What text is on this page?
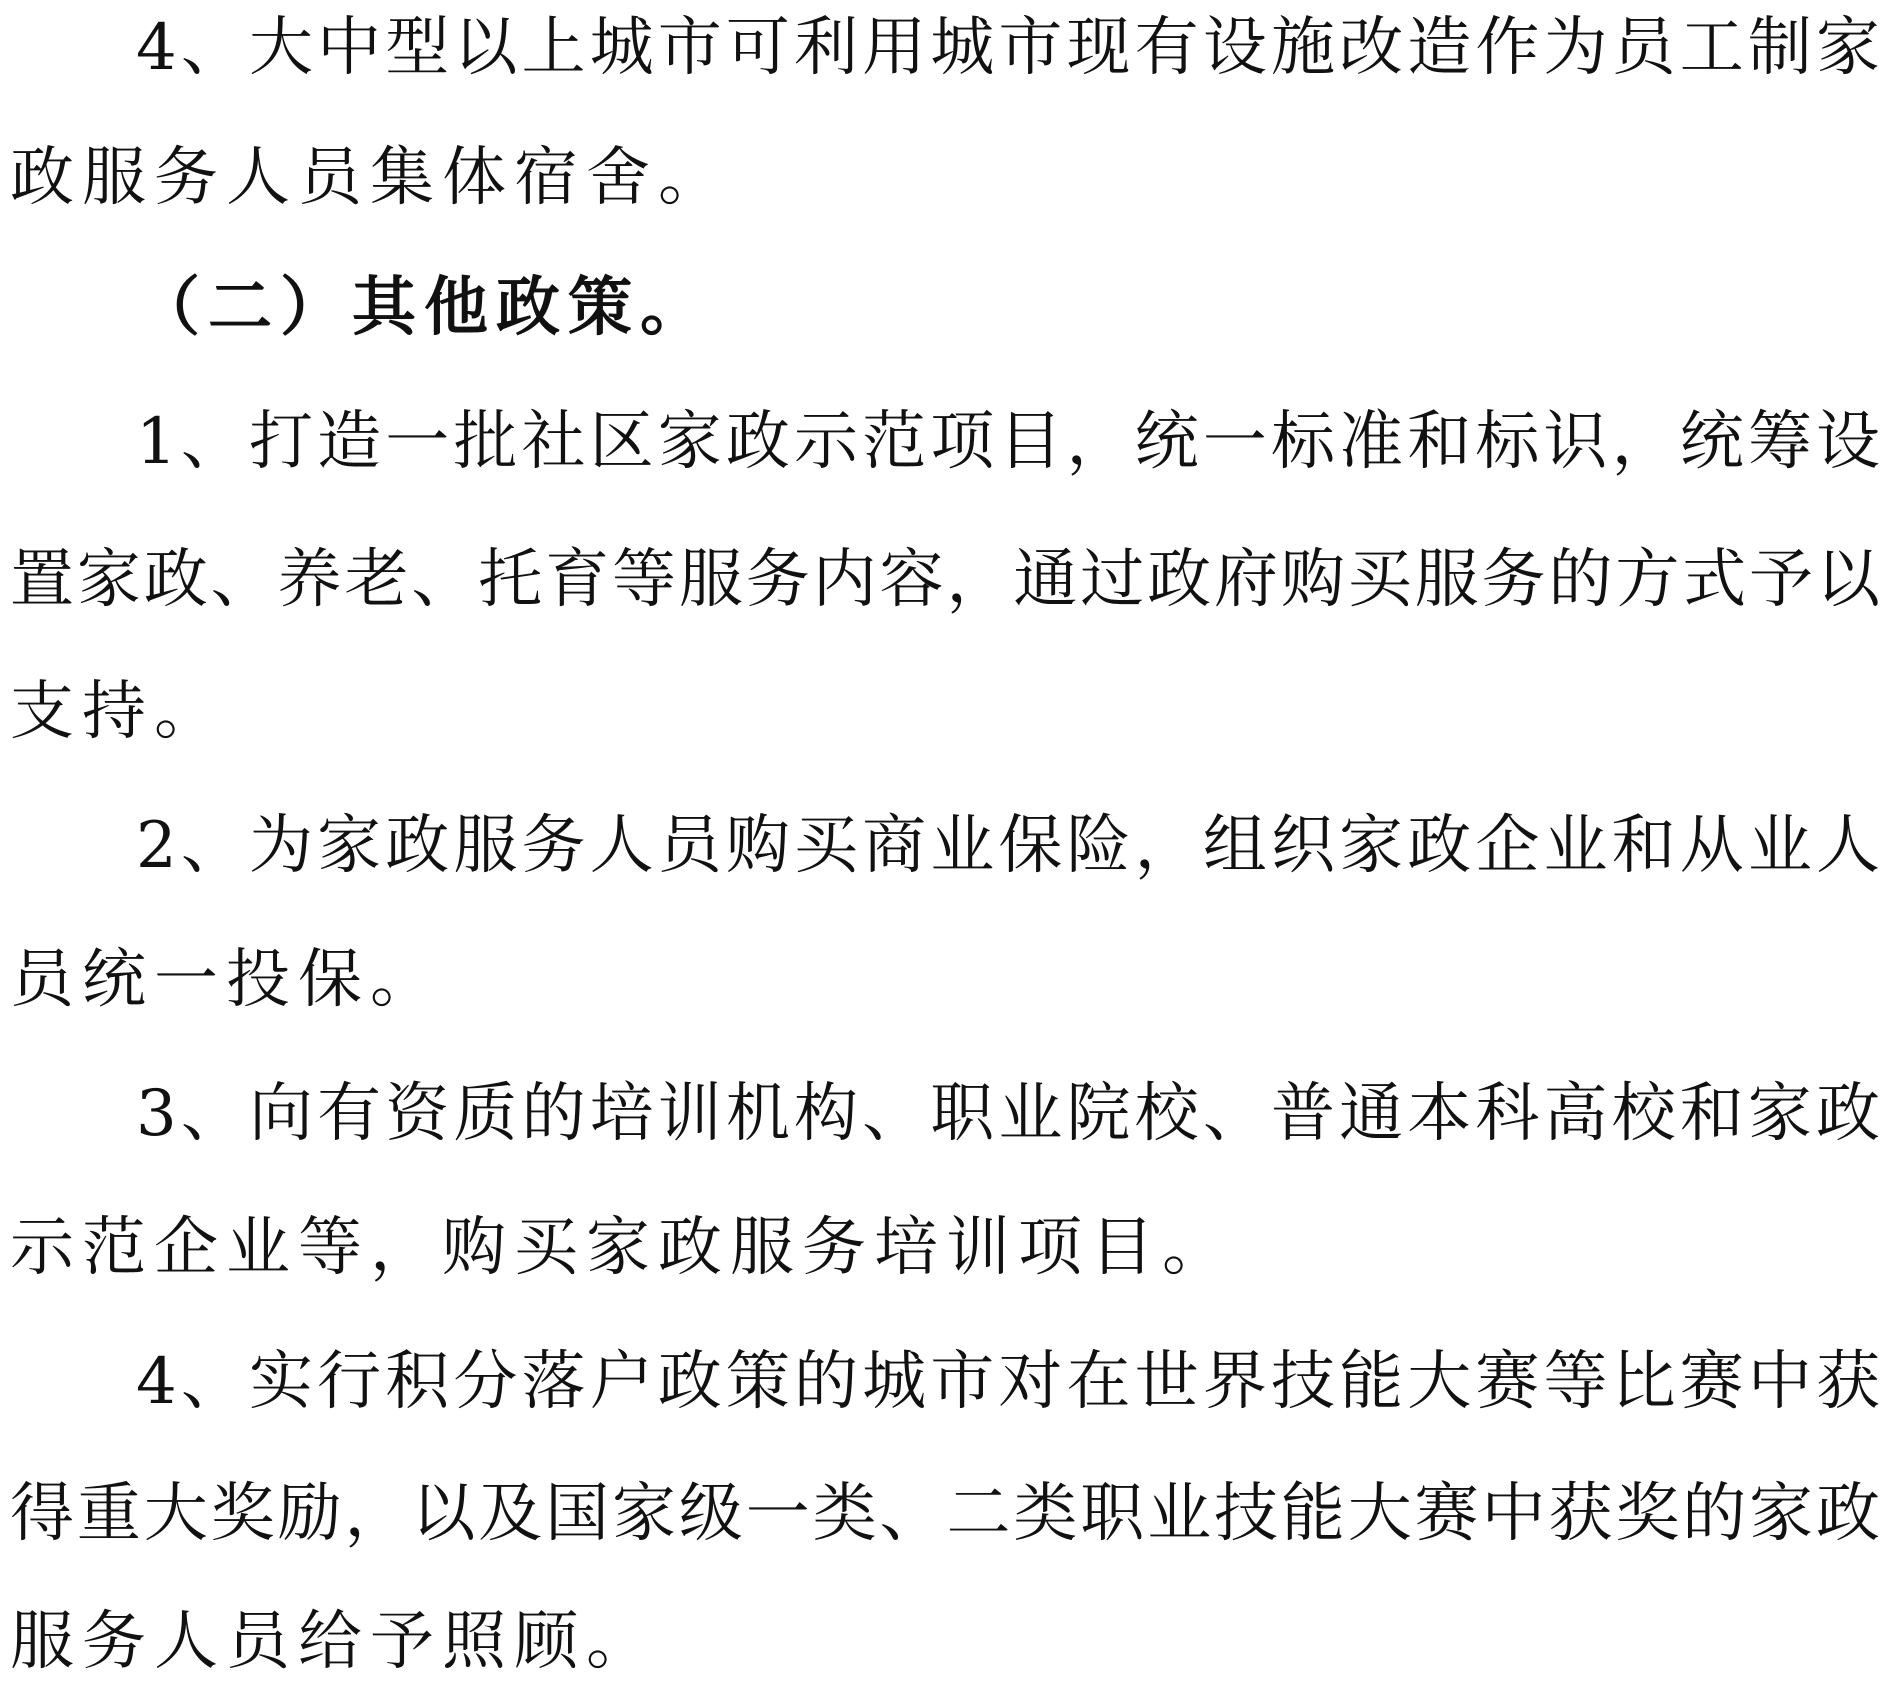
4、大中型以上城市可利用城市现有设施改造作为员工制家
政服务人员集体宿舍。
（二）其他政策。
1、打造一批社区家政示范项目，统一标准和标识，统筹设
置家政、养老、托育等服务内容，通过政府购买服务的方式予以
支持。
2、为家政服务人员购买商业保险，组织家政企业和从业人
员统一投保。
3、向有资质的培训机构、职业院校、普通本科高校和家政
示范企业等，购买家政服务培训项目。
4、实行积分落户政策的城市对在世界技能大赛等比赛中获
得重大奖励，以及国家级一类、二类职业技能大赛中获奖的家政
服务人员给予照顾。
